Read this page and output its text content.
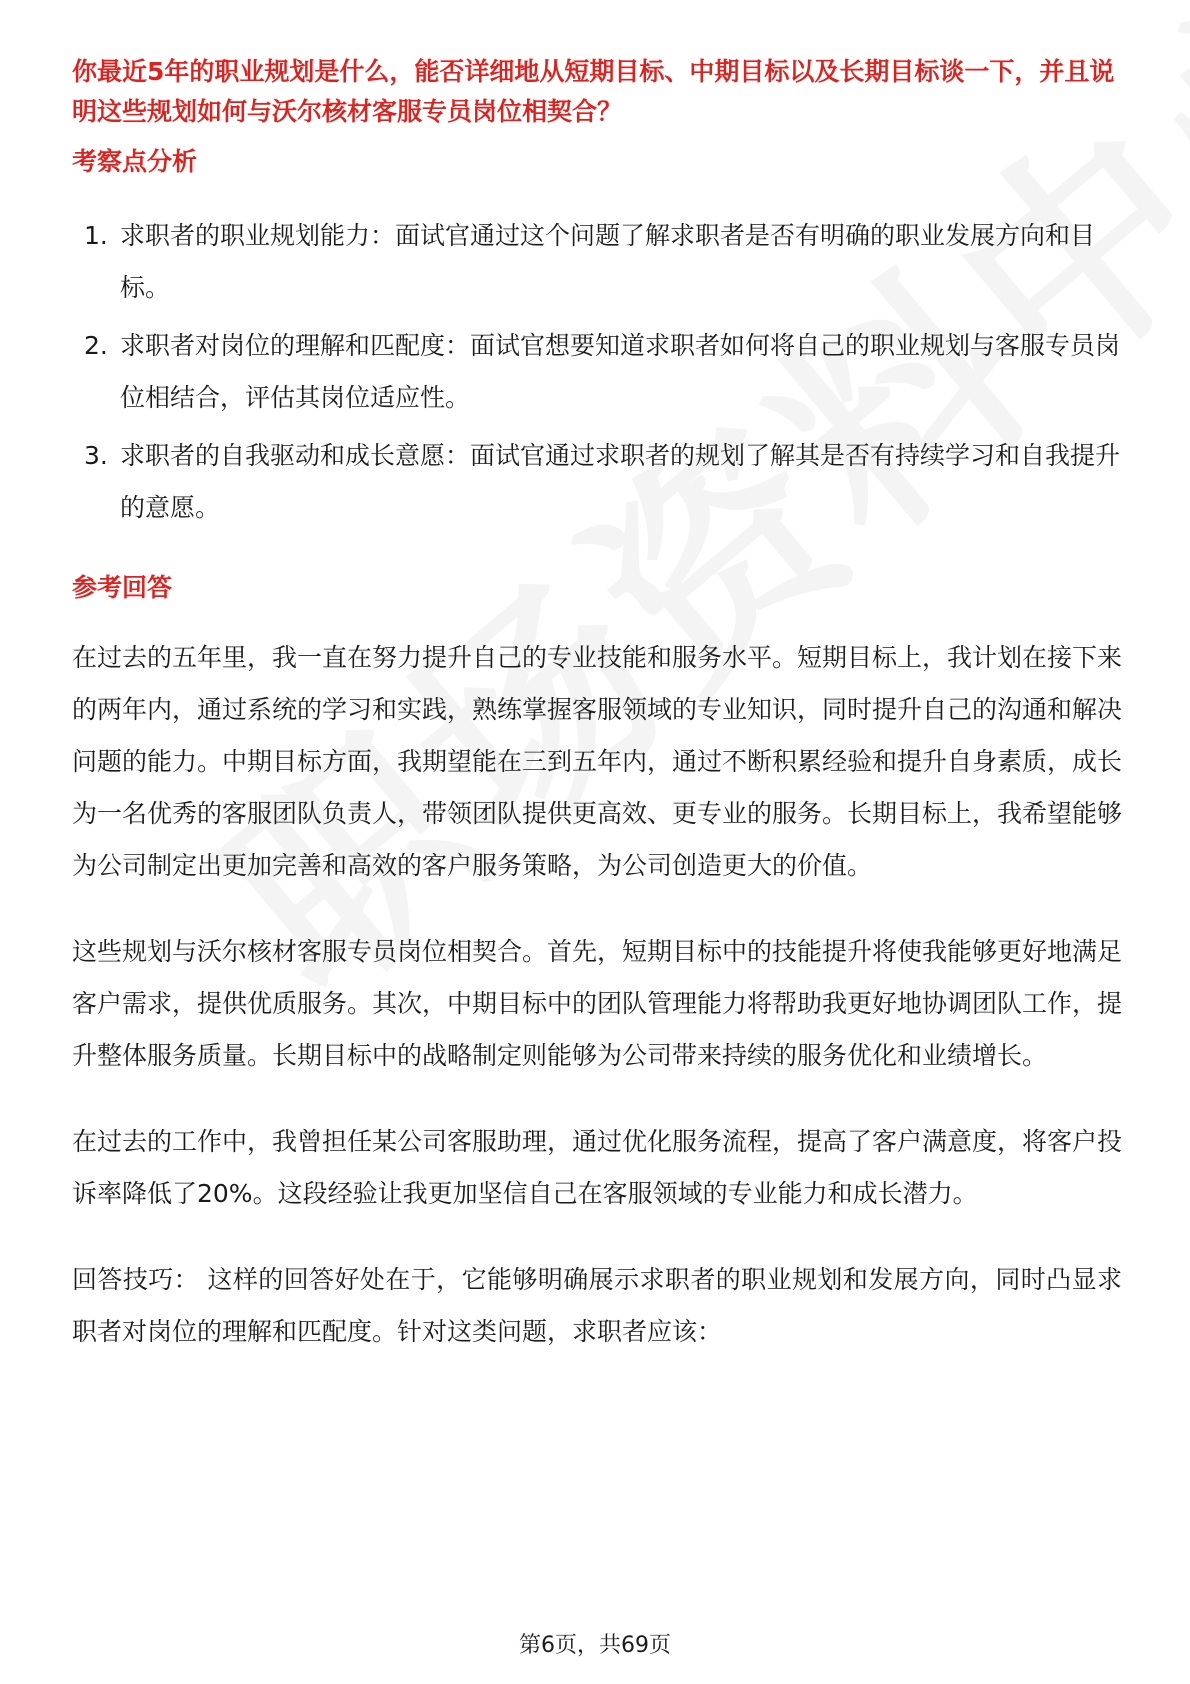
你最近5年的职业规划是什么，能否详细地从短期目标、中期目标以及长期目标谈一下，并且说明这些规划如何与沃尔核材客服专员岗位相契合？

考察点分析
1. 求职者的职业规划能力：面试官通过这个问题了解求职者是否有明确的职业发展方向和目标。
2. 求职者对岗位的理解和匹配度：面试官想要知道求职者如何将自己的职业规划与客服专员岗位相结合，评估其岗位适应性。
3. 求职者的自我驱动和成长意愿：面试官通过求职者的规划了解其是否有持续学习和自我提升的意愿。
参考回答

在过去的五年里，我一直在努力提升自己的专业技能和服务水平。短期目标上，我计划在接下来的两年内，通过系统的学习和实践，熟练掌握客服领域的专业知识，同时提升自己的沟通和解决问题的能力。中期目标方面，我期望能在三到五年内，通过不断积累经验和提升自身素质，成长为一名优秀的客服团队负责人，带领团队提供更高效、更专业的服务。长期目标上，我希望能够为公司制定出更加完善和高效的客户服务策略，为公司创造更大的价值。

这些规划与沃尔核材客服专员岗位相契合。首先，短期目标中的技能提升将使我能够更好地满足客户需求，提供优质服务。其次，中期目标中的团队管理能力将帮助我更好地协调团队工作，提升整体服务质量。长期目标中的战略制定则能够为公司带来持续的服务优化和业绩增长。

在过去的工作中，我曾担任某公司客服助理，通过优化服务流程，提高了客户满意度，将客户投诉率降低了20%。这段经验让我更加坚信自己在客服领域的专业能力和成长潜力。

回答技巧： 这样的回答好处在于，它能够明确展示求职者的职业规划和发展方向，同时凸显求职者对岗位的理解和匹配度。针对这类问题，求职者应该：

第6页，共69页
